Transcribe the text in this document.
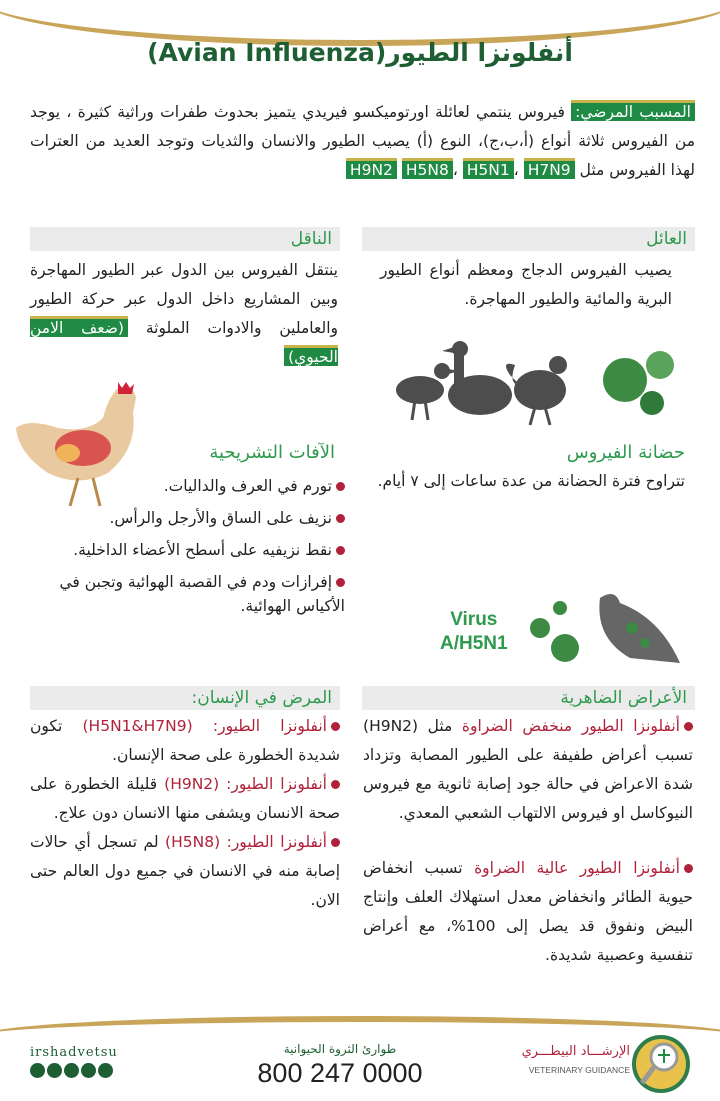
أنفلونزا الطيور(Avian Influenza)
المسبب المرضي: فيروس ينتمي لعائلة اورتوميكسو فيريدي يتميز بحدوث طفرات وراثية كثيرة ، يوجد من الفيروس ثلاثة أنواع (أ،ب،ج)، النوع (أ) يصيب الطيور والانسان والثديات وتوجد العديد من العترات لهذا الفيروس مثل H9N2 H5N8 ، H5N1 ، H7N9
العائل
يصيب الفيروس الدجاج ومعظم أنواع الطيور البرية والمائية والطيور المهاجرة.
حضانة الفيروس
تتراوح فترة الحضانة من عدة ساعات إلى ٧ أيام.
Virus
A/H5N1
الناقل
ينتقل الفيروس بين الدول عبر الطيور المهاجرة وبين المشاريع داخل الدول عبر حركة الطيور والعاملين والادوات الملوثة (ضعف الامن الحيوي)
الآفات التشريحية
تورم في العرف والداليات.
نزيف على الساق والأرجل والرأس.
نقط نزيفيه على أسطح الأعضاء الداخلية.
إفرازات ودم في القصبة الهوائية وتجبن في الأكياس الهوائية.
الأعراض الضاهرية
أنفلونزا الطيور منخفض الضراوة مثل (H9N2) تسبب أعراض طفيفة على الطيور المصابة وتزداد شدة الاعراض في حالة جود إصابة ثانوية مع فيروس النيوكاسل او فيروس الالتهاب الشعبي المعدي.
أنفلونزا الطيور عالية الضراوة تسبب انخفاض حيوية الطائر وانخفاض معدل استهلاك العلف وإنتاج البيض ونفوق قد يصل إلى 100%، مع أعراض تنفسية وعصبية شديدة.
المرض في الإنسان:
أنفلونزا الطيور: (H5N1&H7N9) تكون شديدة الخطورة على صحة الإنسان.
أنفلونزا الطيور: (H9N2) قليلة الخطورة على صحة الانسان ويشفى منها الانسان دون علاج.
أنفلونزا الطيور: (H5N8) لم تسجل أي حالات إصابة منه في الانسان في جميع دول العالم حتى الان.
irshadvetsu	طوارئ الثروة الحيوانية
800 247 0000
الإرشـــاد البيطـــري
VETERINARY GUIDANCE
